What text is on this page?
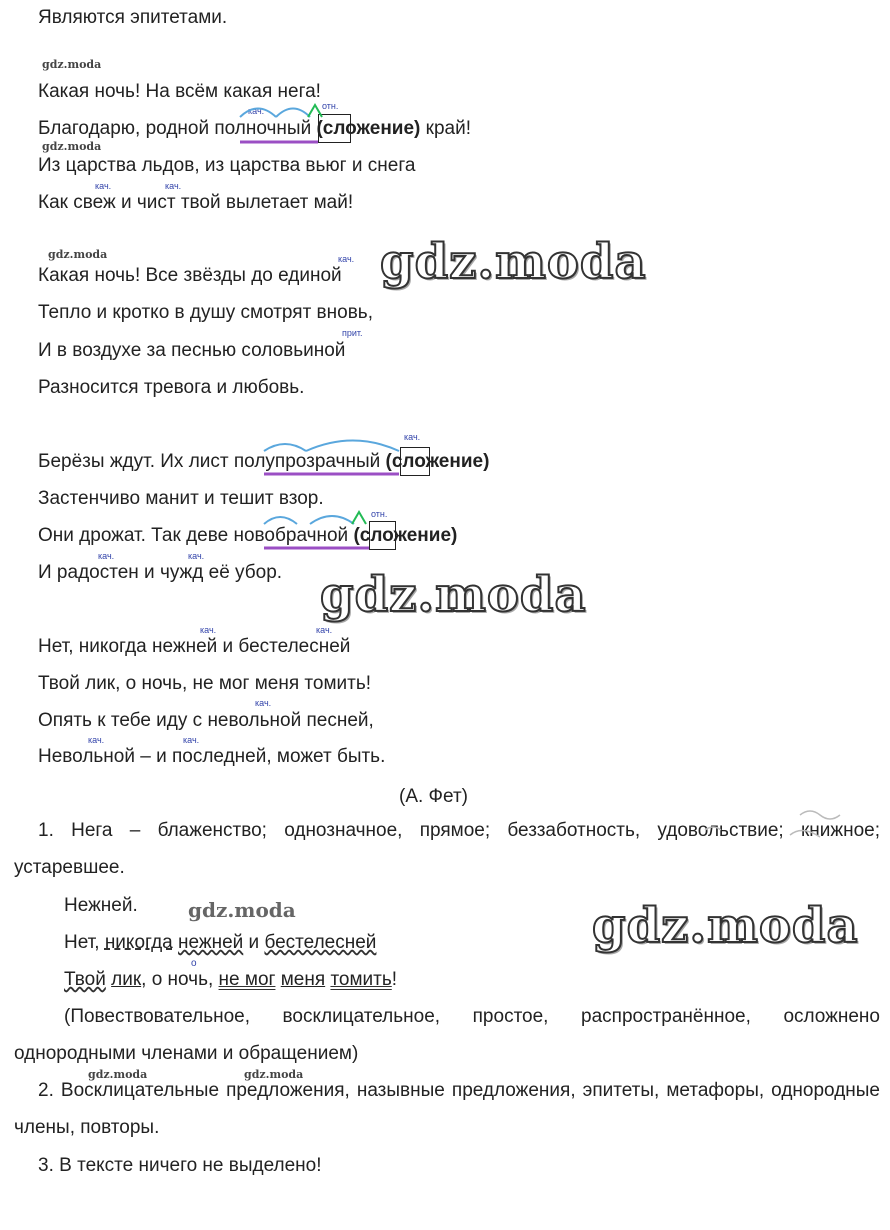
Являются эпитетами.
gdz.moda
gdz.moda
gdz.moda
gdz.moda	gdz.moda
Какая ночь! На всём какая нега!
кач.	отн.
Благодарю, родной полночный (сложение) край!
Из царства льдов, из царства вьюг и снега
кач.	кач.
Как свеж и чист твой вылетает май!
кач.
Какая ночь! Все звёзды до единой
Тепло и кротко в душу смотрят вновь,
прит.
И в воздухе за песнью соловьиной
Разносится тревога и любовь.
кач.
Берёзы ждут. Их лист полупрозрачный (сложение)
Застенчиво манит и тешит взор.
отн.
Они дрожат. Так деве новобрачной (сложение)
кач.	кач.
И радостен и чужд её убор.
кач.	кач.
Нет, никогда нежней и бестелесней
Твой лик, о ночь, не мог меня томить!
кач.
Опять к тебе иду с невольной песней,
кач.	кач.
Невольной – и последней, может быть.
(А. Фет)
1. Нега – блаженство; однозначное, прямое; беззаботность, удовольствие; книжное; устаревшее.
Нежней.	gdz.moda
Нет, никогда нежней и бестелесней
о
Твой лик, о ночь, не мог меня томить!
(Повествовательное, восклицательное, простое, распространённое, осложнено однородными членами и обращением)
2. Восклицательные предложения, назывные предложения, эпитеты, метафоры, однородные члены, повторы.
3. В тексте ничего не выделено!
gdz.moda
gdz.moda
gdz.moda
